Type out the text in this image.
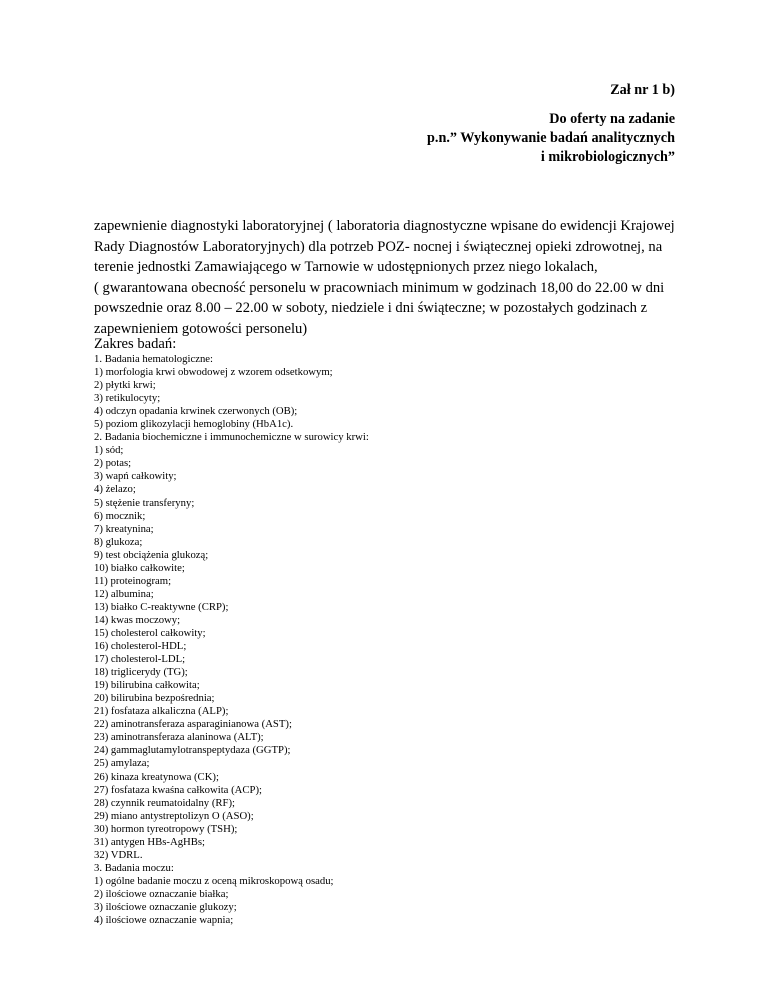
Zał nr 1 b)
Do oferty na zadanie
p.n.” Wykonywanie badań analitycznych
i mikrobiologicznych”
zapewnienie diagnostyki laboratoryjnej ( laboratoria diagnostyczne wpisane do ewidencji Krajowej
Rady Diagnostów Laboratoryjnych) dla potrzeb POZ- nocnej i świątecznej opieki zdrowotnej, na
terenie jednostki Zamawiającego w Tarnowie w udostępnionych przez niego lokalach,
( gwarantowana obecność personelu w pracowniach minimum w godzinach 18,00 do 22.00 w dni
powszednie oraz 8.00 – 22.00 w soboty, niedziele i dni świąteczne; w pozostałych godzinach z
zapewnieniem gotowości personelu)
Zakres badań:
1. Badania hematologiczne:
1) morfologia krwi obwodowej z wzorem odsetkowym;
2) płytki krwi;
3) retikulocyty;
4) odczyn opadania krwinek czerwonych (OB);
5) poziom glikozylacji hemoglobiny (HbA1c).
2. Badania biochemiczne i immunochemiczne w surowicy krwi:
1) sód;
2) potas;
3) wapń całkowity;
4) żelazo;
5) stężenie transferyny;
6) mocznik;
7) kreatynina;
8) glukoza;
9) test obciążenia glukozą;
10) białko całkowite;
11) proteinogram;
12) albumina;
13) białko C-reaktywne (CRP);
14) kwas moczowy;
15) cholesterol całkowity;
16) cholesterol-HDL;
17) cholesterol-LDL;
18) triglicerydy (TG);
19) bilirubina całkowita;
20) bilirubina bezpośrednia;
21) fosfataza alkaliczna (ALP);
22) aminotransferaza asparaginianowa (AST);
23) aminotransferaza alaninowa (ALT);
24) gammaglutamylotranspeptydaza (GGTP);
25) amylaza;
26) kinaza kreatynowa (CK);
27) fosfataza kwaśna całkowita (ACP);
28) czynnik reumatoidalny (RF);
29) miano antystreptolizyn O (ASO);
30) hormon tyreotropowy (TSH);
31) antygen HBs-AgHBs;
32) VDRL.
3. Badania moczu:
1) ogólne badanie moczu z oceną mikroskopową osadu;
2) ilościowe oznaczanie białka;
3) ilościowe oznaczanie glukozy;
4) ilościowe oznaczanie wapnia;
